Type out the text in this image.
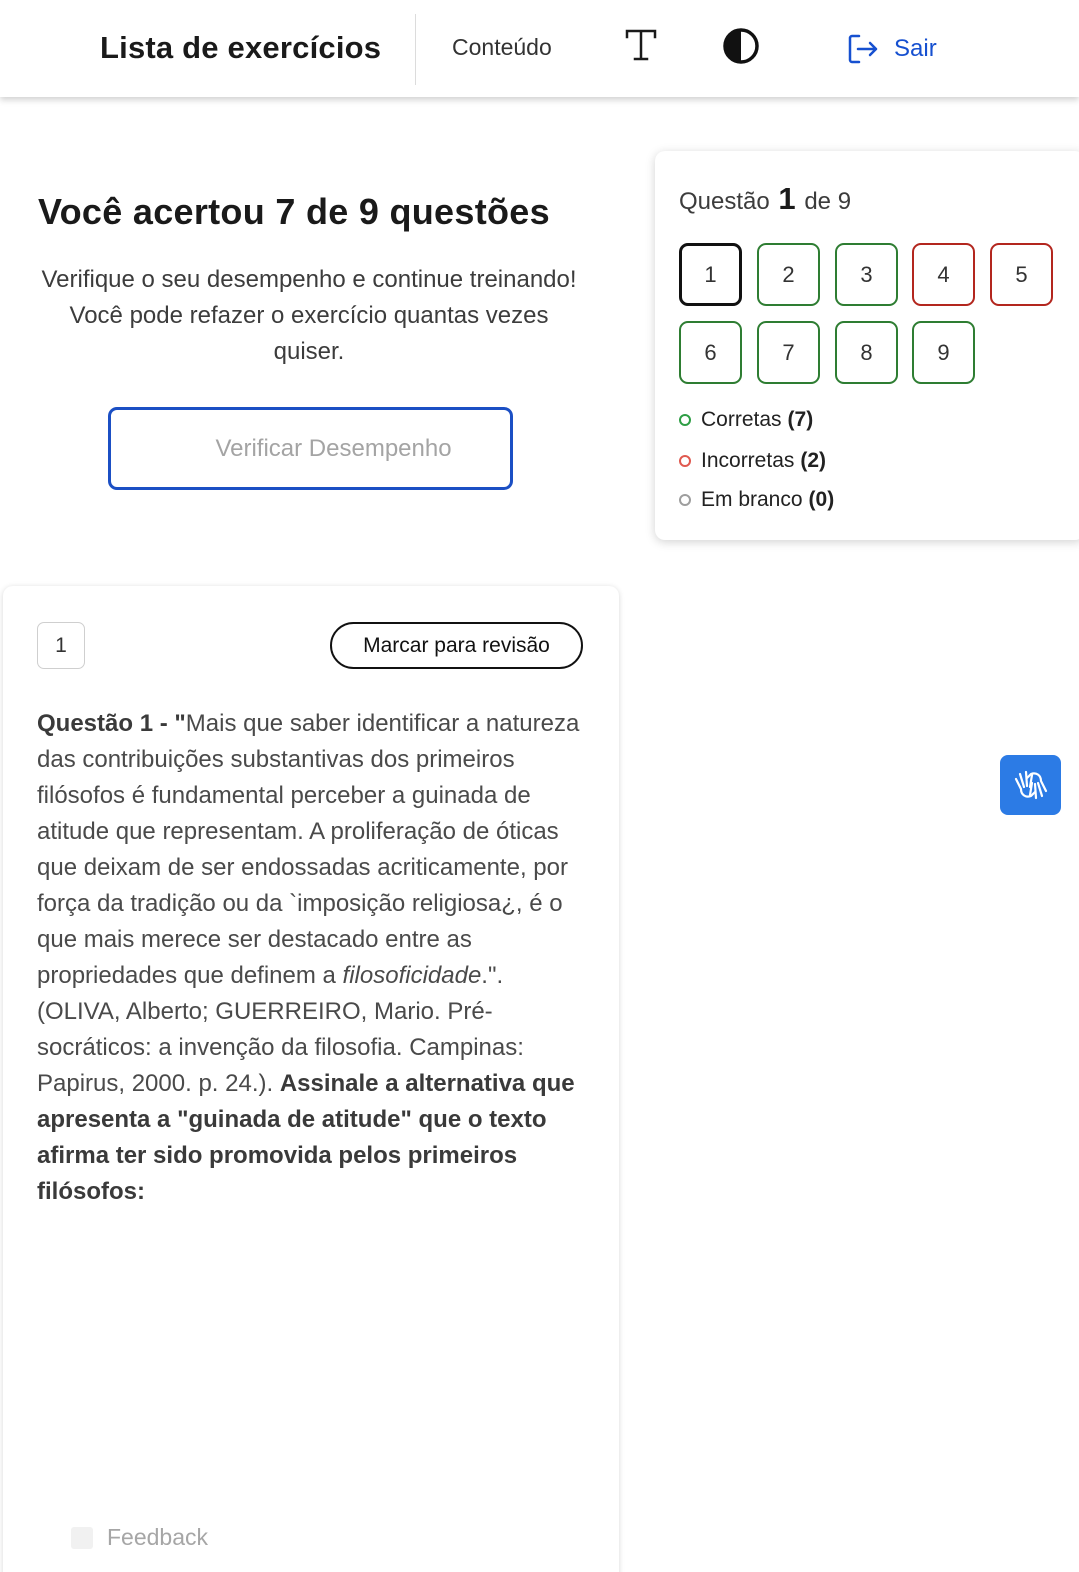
Lista de exercícios	Conteúdo	Sair
Você acertou 7 de 9 questões
Verifique o seu desempenho e continue treinando! Você pode refazer o exercício quantas vezes quiser.
Verificar Desempenho
Questão 1 de 9
1	2	3	4	5
6	7	8	9
Corretas (7)
Incorretas (2)
Em branco (0)
1	Marcar para revisão
Questão 1 - "Mais que saber identificar a natureza das contribuições substantivas dos primeiros filósofos é fundamental perceber a guinada de atitude que representam. A proliferação de óticas que deixam de ser endossadas acriticamente, por força da tradição ou da `imposição religiosa¿, é o que mais merece ser destacado entre as propriedades que definem a filosoficidade.". (OLIVA, Alberto; GUERREIRO, Mario. Pré-socráticos: a invenção da filosofia. Campinas: Papirus, 2000. p. 24.). Assinale a alternativa que apresenta a "guinada de atitude" que o texto afirma ter sido promovida pelos primeiros filósofos:
Feedback
